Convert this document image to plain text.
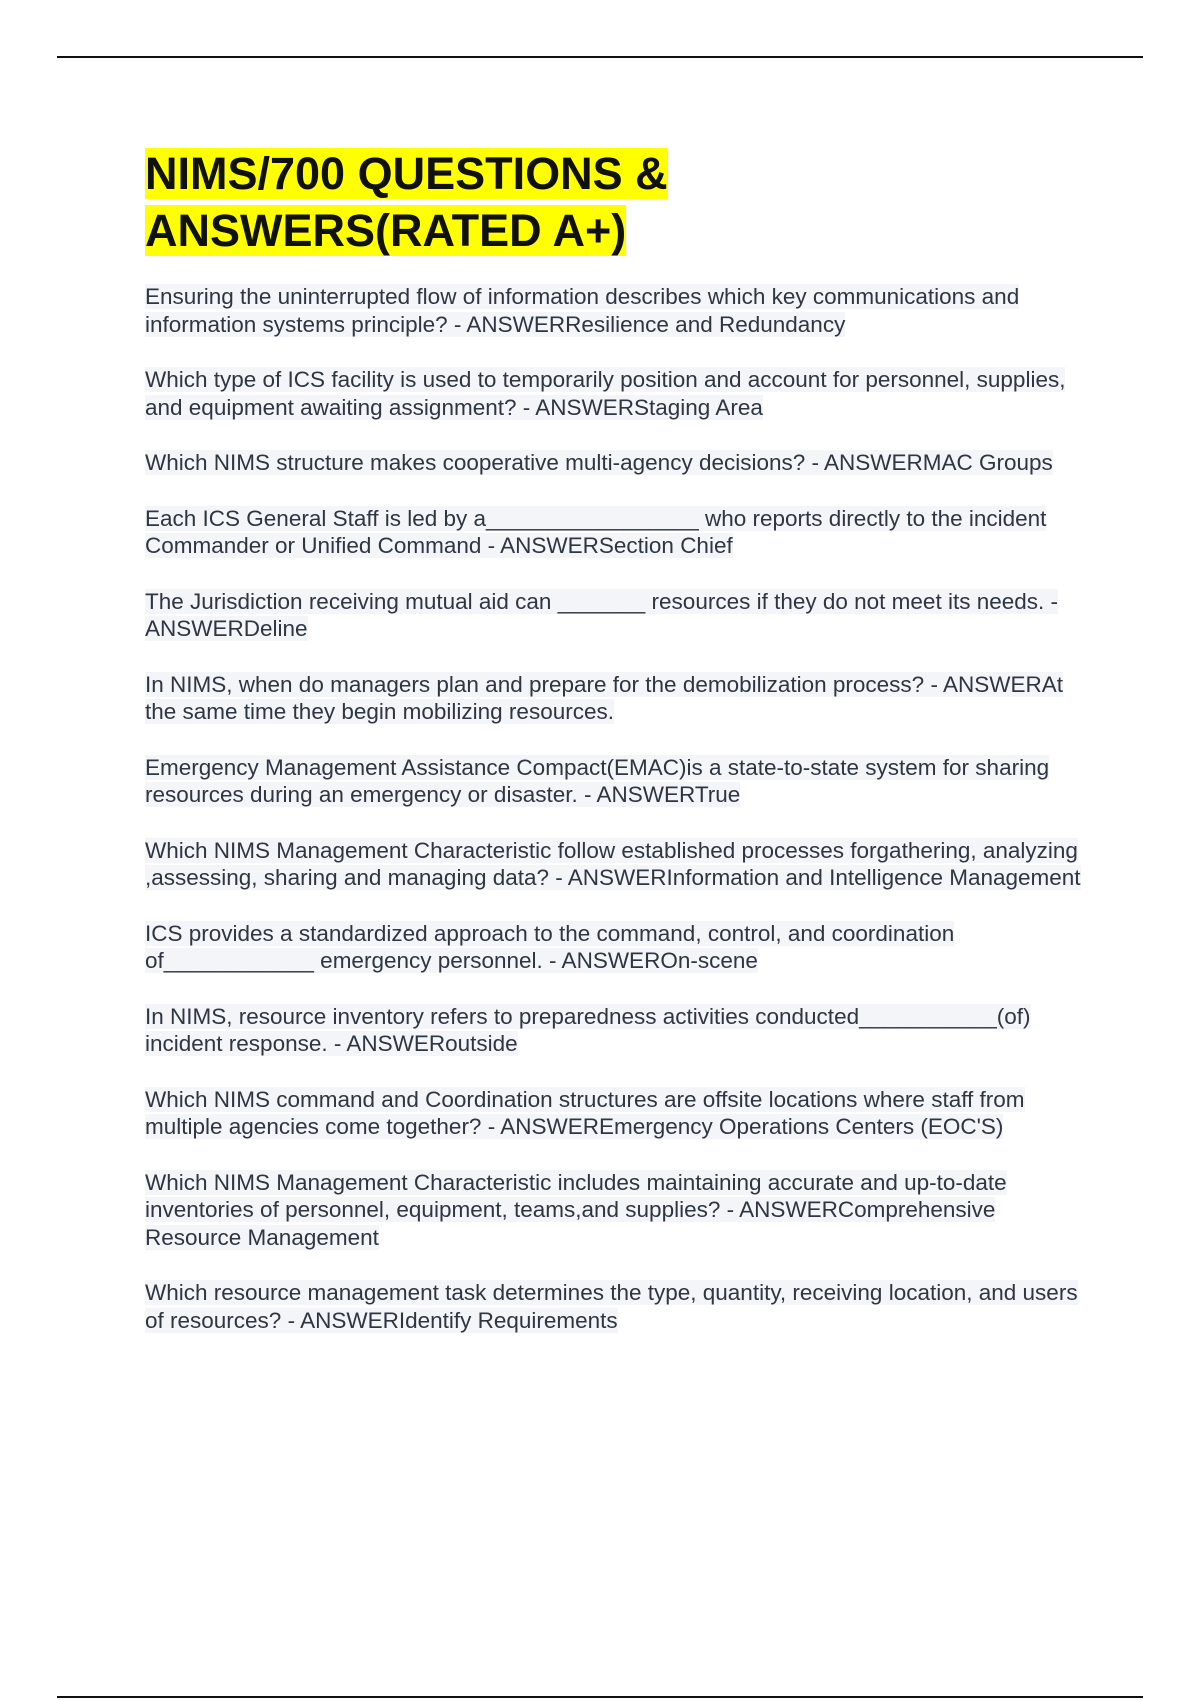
NIMS/700 QUESTIONS &
ANSWERS(RATED A+)

Ensuring the uninterrupted flow of information describes which key communications and information systems principle? - ANSWERResilience and Redundancy

Which type of ICS facility is used to temporarily position and account for personnel, supplies, and equipment awaiting assignment? - ANSWERStaging Area

Which NIMS structure makes cooperative multi-agency decisions? - ANSWERMAC Groups

Each ICS General Staff is led by a_________________ who reports directly to the incident Commander or Unified Command - ANSWERSection Chief

The Jurisdiction receiving mutual aid can _______ resources if they do not meet its needs. - ANSWERDeline

In NIMS, when do managers plan and prepare for the demobilization process? - ANSWERAt the same time they begin mobilizing resources.

Emergency Management Assistance Compact(EMAC)is a state-to-state system for sharing resources during an emergency or disaster. - ANSWERTrue

Which NIMS Management Characteristic follow established processes forgathering, analyzing ,assessing, sharing and managing data? - ANSWERInformation and Intelligence Management

ICS provides a standardized approach to the command, control, and coordination of____________ emergency personnel. - ANSWEROn-scene

In NIMS, resource inventory refers to preparedness activities conducted___________(of) incident response. - ANSWERoutside

Which NIMS command and Coordination structures are offsite locations where staff from multiple agencies come together? - ANSWEREmergency Operations Centers (EOC'S)

Which NIMS Management Characteristic includes maintaining accurate and up-to-date inventories of personnel, equipment, teams,and supplies? - ANSWERComprehensive Resource Management

Which resource management task determines the type, quantity, receiving location, and users of resources? - ANSWERIdentify Requirements
